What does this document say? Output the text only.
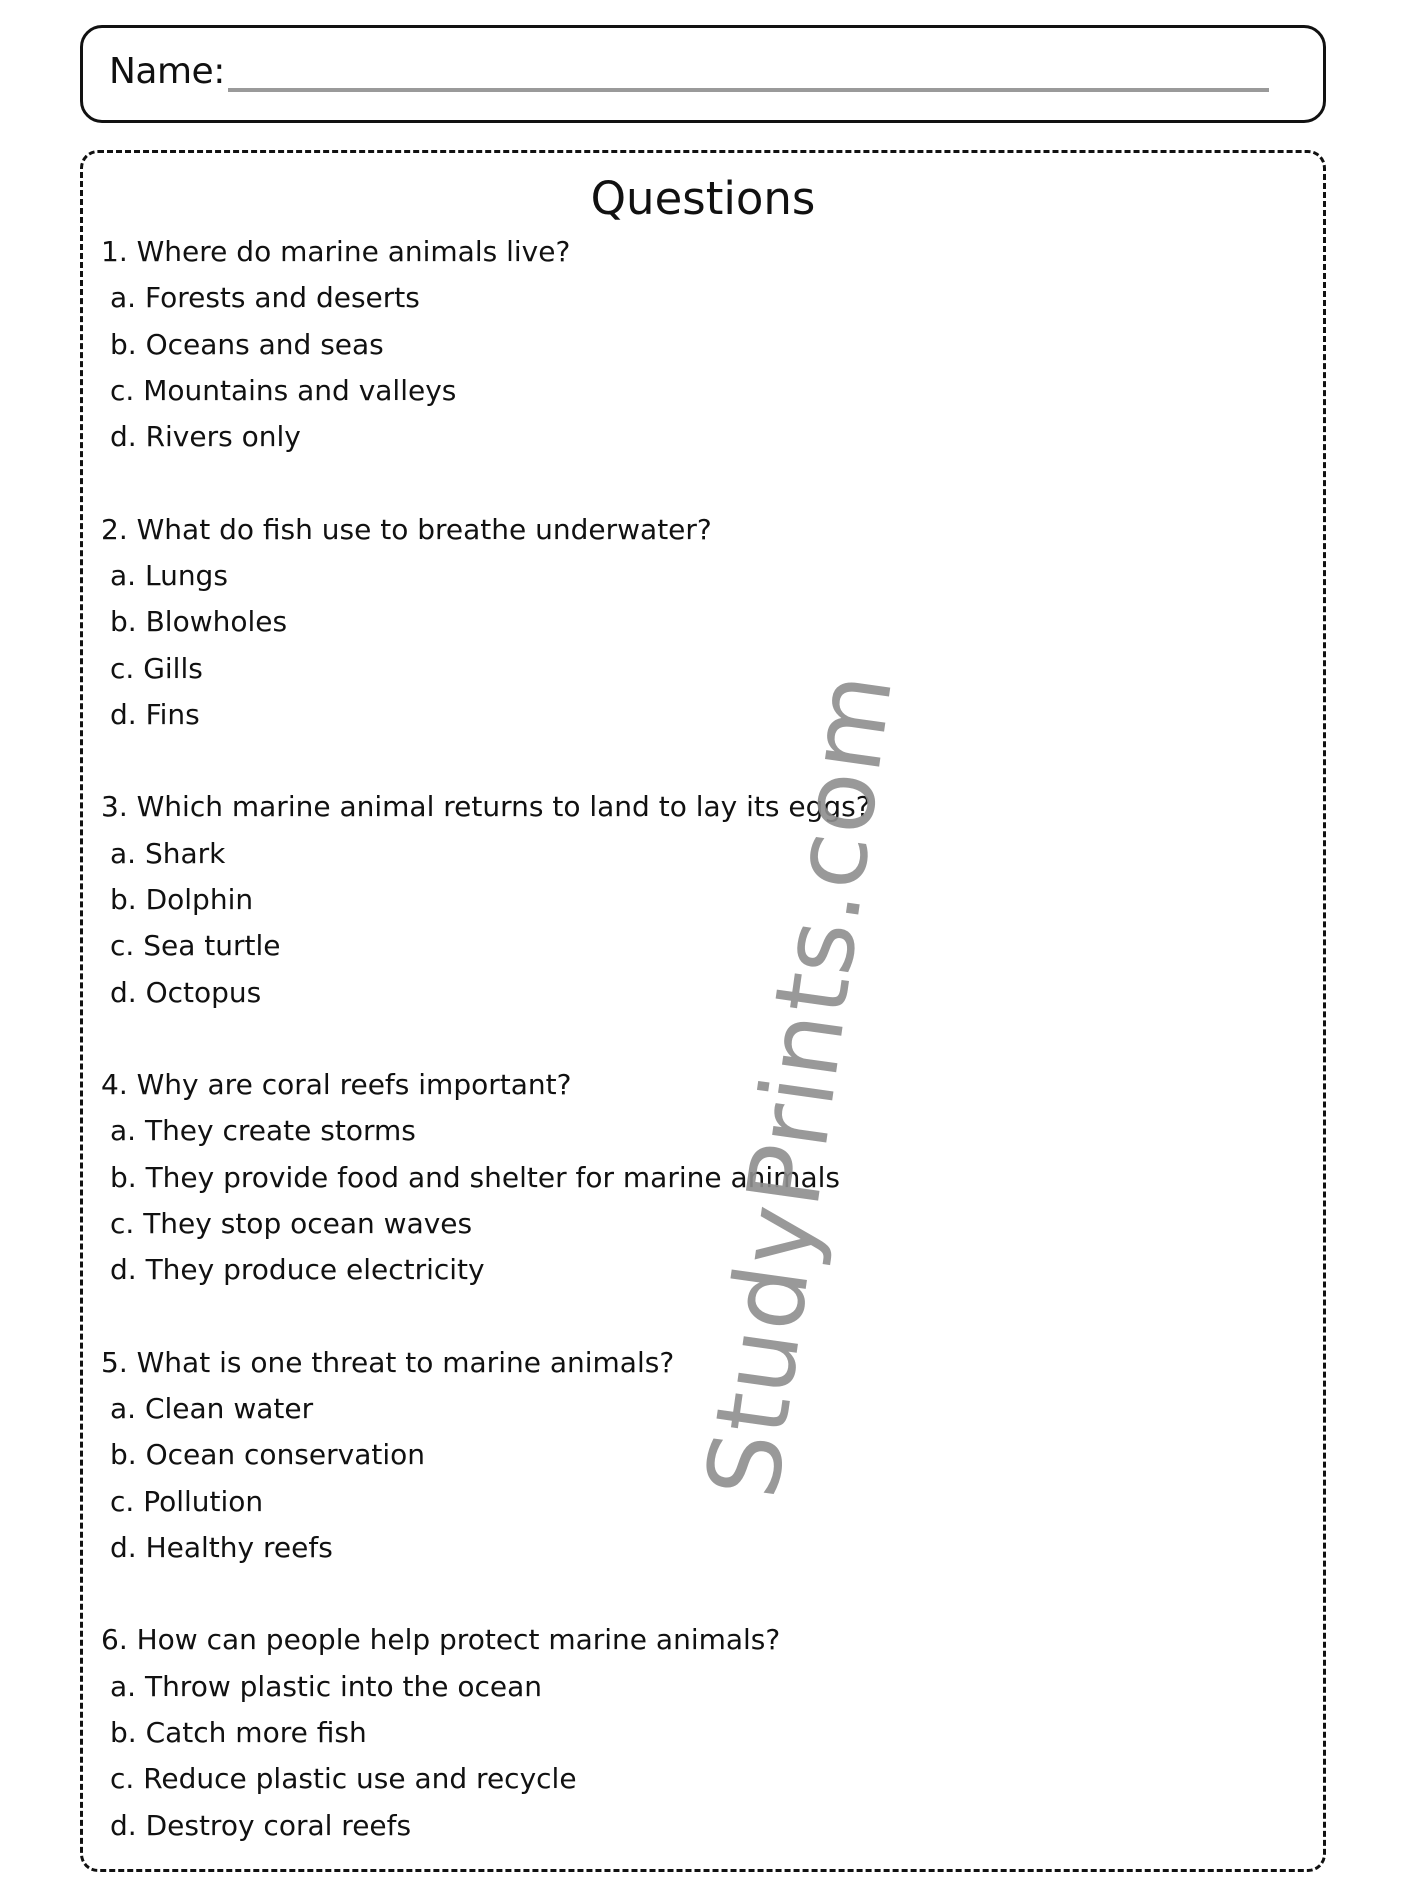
Name:
Questions
1. Where do marine animals live?
a. Forests and deserts
b. Oceans and seas
c. Mountains and valleys
d. Rivers only
2. What do fish use to breathe underwater?
a. Lungs
b. Blowholes
c. Gills
d. Fins
3. Which marine animal returns to land to lay its eggs?
a. Shark
b. Dolphin
c. Sea turtle
d. Octopus
4. Why are coral reefs important?
a. They create storms
b. They provide food and shelter for marine animals
c. They stop ocean waves
d. They produce electricity
5. What is one threat to marine animals?
a. Clean water
b. Ocean conservation
c. Pollution
d. Healthy reefs
6. How can people help protect marine animals?
a. Throw plastic into the ocean
b. Catch more fish
c. Reduce plastic use and recycle
d. Destroy coral reefs
StudyPrints.com
